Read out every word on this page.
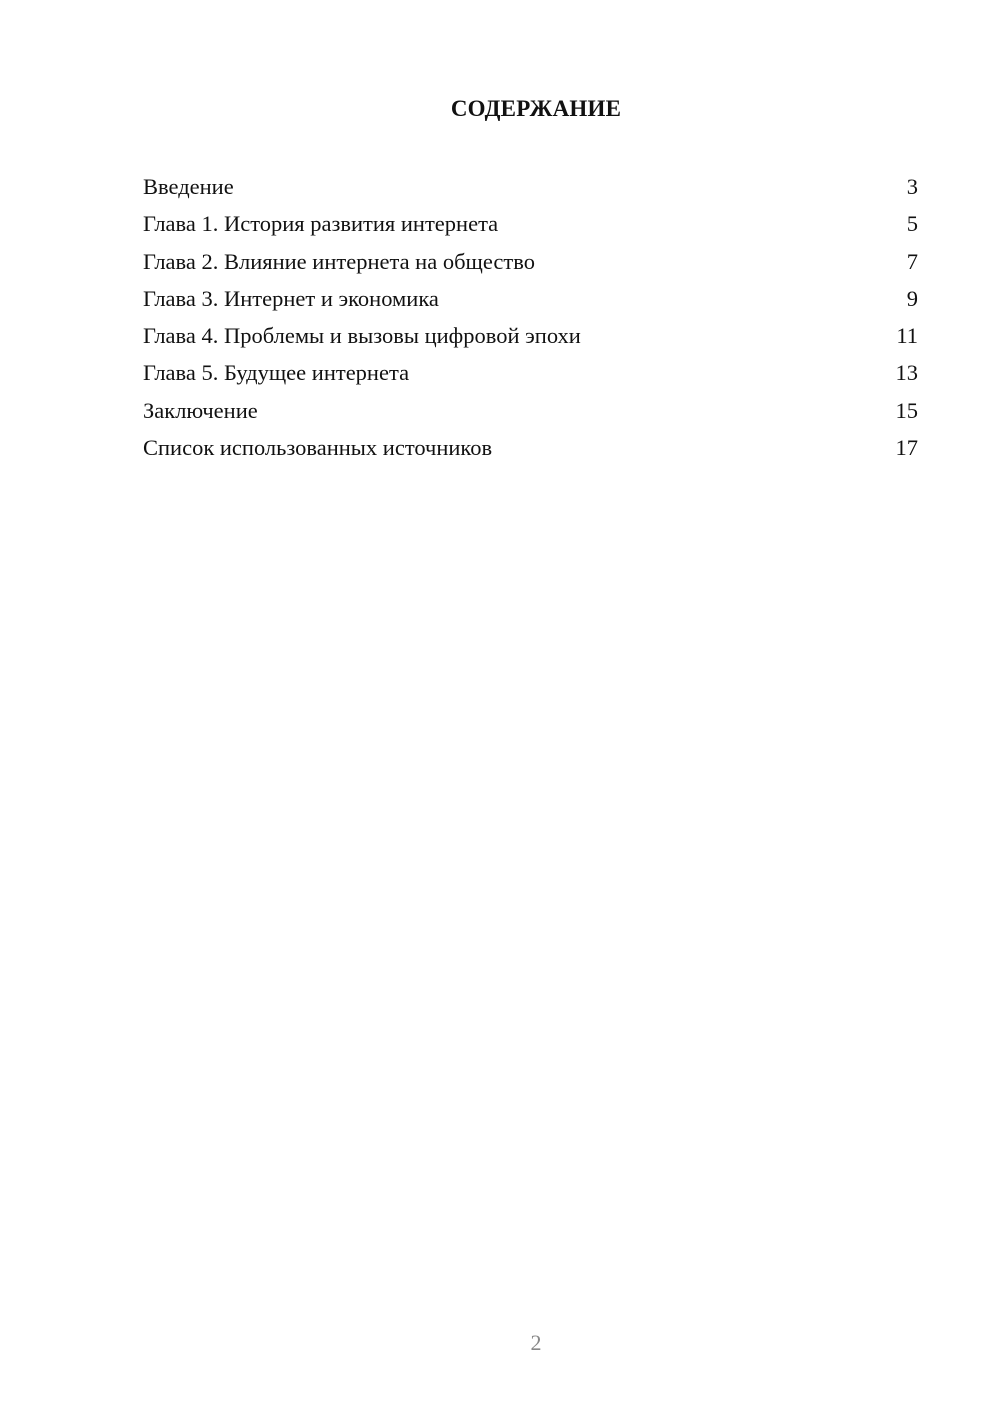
СОДЕРЖАНИЕ
Введение	3
Глава 1. История развития интернета	5
Глава 2. Влияние интернета на общество	7
Глава 3. Интернет и экономика	9
Глава 4. Проблемы и вызовы цифровой эпохи	11
Глава 5. Будущее интернета	13
Заключение	15
Список использованных источников	17
2
